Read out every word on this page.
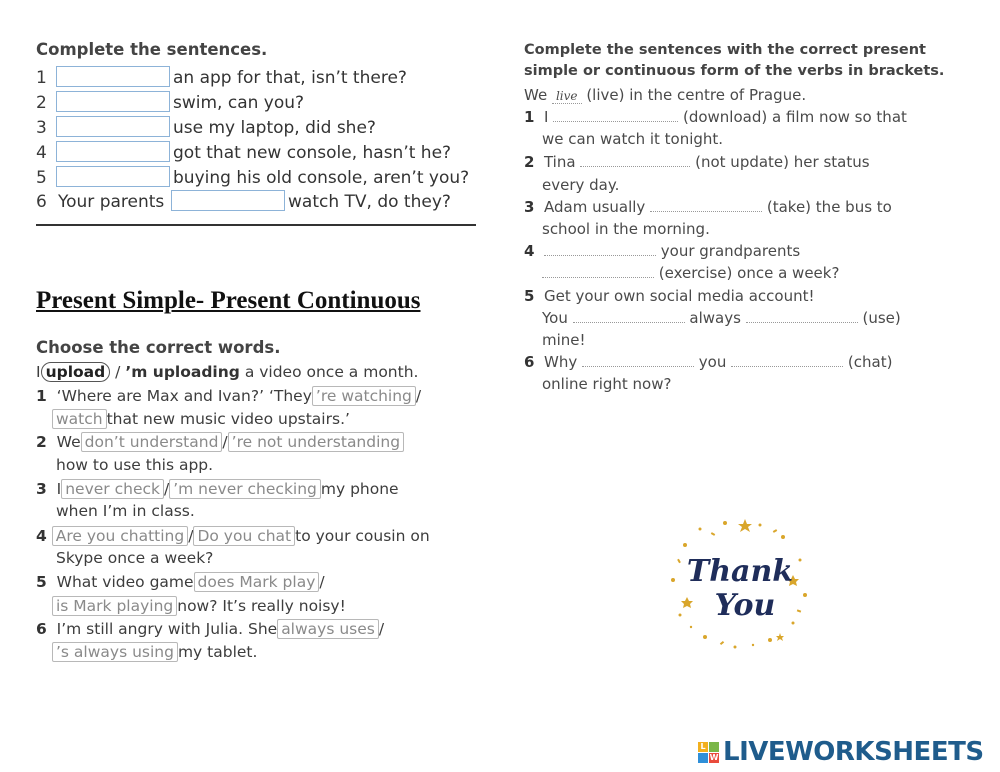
Complete the sentences.
1	an app for that, isn’t there?
2	swim, can you?
3	use my laptop, did she?
4	got that new console, hasn’t he?
5	buying his old console, aren’t you?
6 Your parents	watch TV, do they?
Present Simple- Present Continuous
Choose the correct words.
I upload / ’m uploading a video once a month.
1 ‘Where are Max and Ivan?’ ‘They ’re watching /
watch that new music video upstairs.’
2 We don’t understand / ’re not understanding
how to use this app.
3 I never check / ’m never checking my phone
when I’m in class.
4 Are you chatting / Do you chat to your cousin on
Skype once a week?
5 What video game does Mark play /
is Mark playing now? It’s really noisy!
6 I’m still angry with Julia. She always uses /
’s always using my tablet.
Complete the sentences with the correct present
simple or continuous form of the verbs in brackets.
We live (live) in the centre of Prague.
1 I	(download) a film now so that
we can watch it tonight.
2 Tina	(not update) her status
every day.
3 Adam usually	(take) the bus to
school in the morning.
4	your grandparents
(exercise) once a week?
5 Get your own social media account!
You	always	(use)
mine!
6 Why	you	(chat)
online right now?
Thank
You
L
W LIVEWORKSHEETS
